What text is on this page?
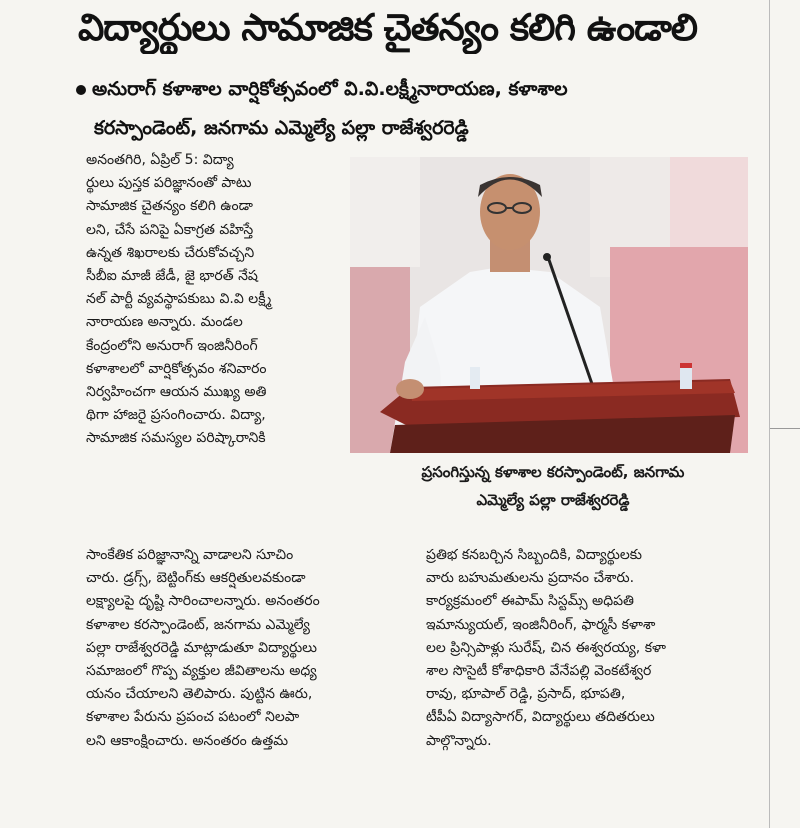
విద్యార్థులు సామాజిక చైతన్యం కలిగి ఉండాలి
అనురాగ్ కళాశాల వార్షికోత్సవంలో వి.వి.లక్ష్మీనారాయణ, కళాశాల
కరస్పాండెంట్, జనగామ ఎమ్మెల్యే పల్లా రాజేశ్వరరెడ్డి
అనంతగిరి, ఏప్రిల్ 5: విద్యా
ర్థులు పుస్తక పరిజ్ఞానంతో పాటు
సామాజిక చైతన్యం కలిగి ఉండా
లని, చేసే పనిపై ఏకాగ్రత వహిస్తే
ఉన్నత శిఖరాలకు చేరుకోవచ్చని
సీబీఐ మాజీ జేడీ, జై భారత్ నేష
నల్ పార్టీ వ్యవస్థాపకుబు వి.వి లక్ష్మీ
నారాయణ అన్నారు. మండల
కేంద్రంలోని అనురాగ్ ఇంజినీరింగ్
కళాశాలలో వార్షికోత్సవం శనివారం
నిర్వహించగా ఆయన ముఖ్య అతి
థిగా హాజరై ప్రసంగించారు. విద్యా,
సామాజిక సమస్యల పరిష్కారానికి
ప్రసంగిస్తున్న కళాశాల కరస్పాండెంట్, జనగామ
ఎమ్మెల్యే పల్లా రాజేశ్వరరెడ్డి
సాంకేతిక పరిజ్ఞానాన్ని వాడాలని సూచిం
చారు. డ్రగ్స్, బెట్టింగ్‌కు ఆకర్షితులవకుండా
లక్ష్యాలపై దృష్టి సారించాలన్నారు. అనంతరం
కళాశాల కరస్పాండెంట్, జనగామ ఎమ్మెల్యే
పల్లా రాజేశ్వరరెడ్డి మాట్లాడుతూ విద్యార్థులు
సమాజంలో గొప్ప వ్యక్తుల జీవితాలను అధ్య
యనం చేయాలని తెలిపారు. పుట్టిన ఊరు,
కళాశాల పేరును ప్రపంచ పటంలో నిలపా
లని ఆకాంక్షించారు. అనంతరం ఉత్తమ
ప్రతిభ కనబర్చిన సిబ్బందికి, విద్యార్థులకు
వారు బహుమతులను ప్రదానం చేశారు.
కార్యక్రమంలో ఈపామ్ సిస్టమ్స్ అధిపతి
ఇమాన్యుయల్, ఇంజినీరింగ్, ఫార్మసీ కళాశా
లల ప్రిన్సిపాళ్లు సురేష్, చిన ఈశ్వరయ్య, కళా
శాల సొసైటీ కోశాధికారి వేనేపల్లి వెంకటేశ్వర
రావు, భూపాల్ రెడ్డి, ప్రసాద్, భూపతి,
టీపీఏ విద్యాసాగర్, విద్యార్థులు తదితరులు
పాల్గొన్నారు.
